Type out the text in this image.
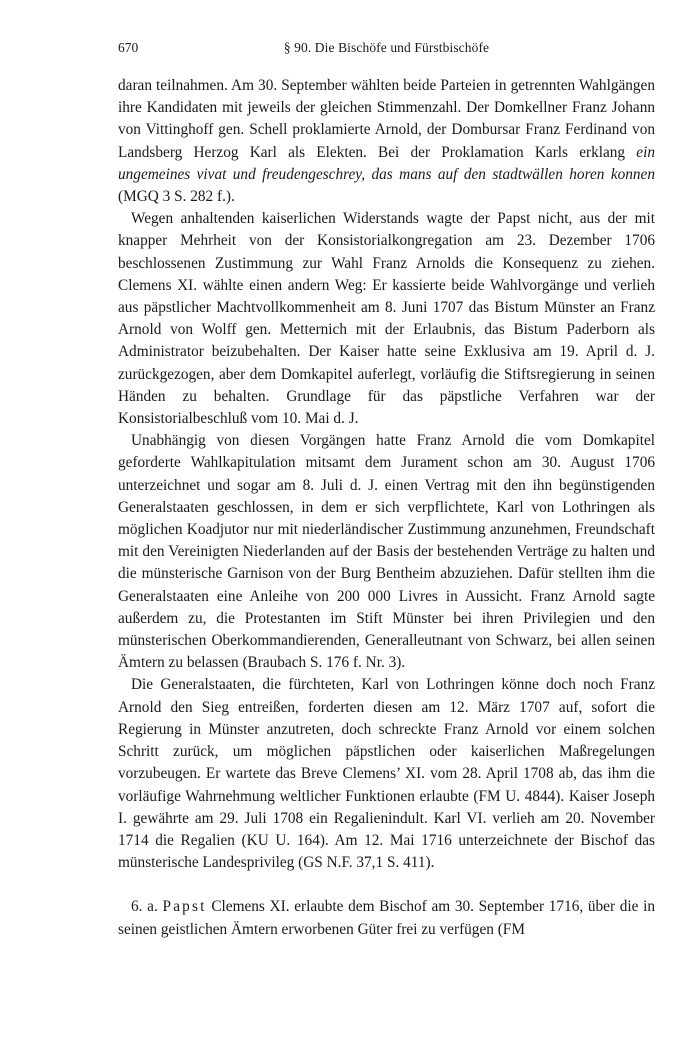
670	§ 90. Die Bischöfe und Fürstbischöfe

daran teilnahmen. Am 30. September wählten beide Parteien in getrennten Wahlgängen ihre Kandidaten mit jeweils der gleichen Stimmenzahl. Der Domkellner Franz Johann von Vittinghoff gen. Schell proklamierte Arnold, der Dombursar Franz Ferdinand von Landsberg Herzog Karl als Elekten. Bei der Proklamation Karls erklang ein ungemeines vivat und freudengeschrey, das mans auf den stadtwällen horen konnen (MGQ 3 S. 282 f.).

Wegen anhaltenden kaiserlichen Widerstands wagte der Papst nicht, aus der mit knapper Mehrheit von der Konsistorialkongregation am 23. Dezember 1706 beschlossenen Zustimmung zur Wahl Franz Arnolds die Konsequenz zu ziehen. Clemens XI. wählte einen andern Weg: Er kassierte beide Wahlvorgänge und verlieh aus päpstlicher Machtvollkommenheit am 8. Juni 1707 das Bistum Münster an Franz Arnold von Wolff gen. Metternich mit der Erlaubnis, das Bistum Paderborn als Administrator beizubehalten. Der Kaiser hatte seine Exklusiva am 19. April d. J. zurückgezogen, aber dem Domkapitel auferlegt, vorläufig die Stiftsregierung in seinen Händen zu behalten. Grundlage für das päpstliche Verfahren war der Konsistorialbeschluß vom 10. Mai d. J.

Unabhängig von diesen Vorgängen hatte Franz Arnold die vom Domkapitel geforderte Wahlkapitulation mitsamt dem Jurament schon am 30. August 1706 unterzeichnet und sogar am 8. Juli d. J. einen Vertrag mit den ihn begünstigenden Generalstaaten geschlossen, in dem er sich verpflichtete, Karl von Lothringen als möglichen Koadjutor nur mit niederländischer Zustimmung anzunehmen, Freundschaft mit den Vereinigten Niederlanden auf der Basis der bestehenden Verträge zu halten und die münsterische Garnison von der Burg Bentheim abzuziehen. Dafür stellten ihm die Generalstaaten eine Anleihe von 200 000 Livres in Aussicht. Franz Arnold sagte außerdem zu, die Protestanten im Stift Münster bei ihren Privilegien und den münsterischen Oberkommandierenden, Generalleutnant von Schwarz, bei allen seinen Ämtern zu belassen (Braubach S. 176 f. Nr. 3).

Die Generalstaaten, die fürchteten, Karl von Lothringen könne doch noch Franz Arnold den Sieg entreißen, forderten diesen am 12. März 1707 auf, sofort die Regierung in Münster anzutreten, doch schreckte Franz Arnold vor einem solchen Schritt zurück, um möglichen päpstlichen oder kaiserlichen Maßregelungen vorzubeugen. Er wartete das Breve Clemens’ XI. vom 28. April 1708 ab, das ihm die vorläufige Wahrnehmung weltlicher Funktionen erlaubte (FM U. 4844). Kaiser Joseph I. gewährte am 29. Juli 1708 ein Regalienindult. Karl VI. verlieh am 20. November 1714 die Regalien (KU U. 164). Am 12. Mai 1716 unterzeichnete der Bischof das münsterische Landesprivileg (GS N.F. 37,1 S. 411).

6. a. Papst Clemens XI. erlaubte dem Bischof am 30. September 1716, über die in seinen geistlichen Ämtern erworbenen Güter frei zu verfügen (FM
